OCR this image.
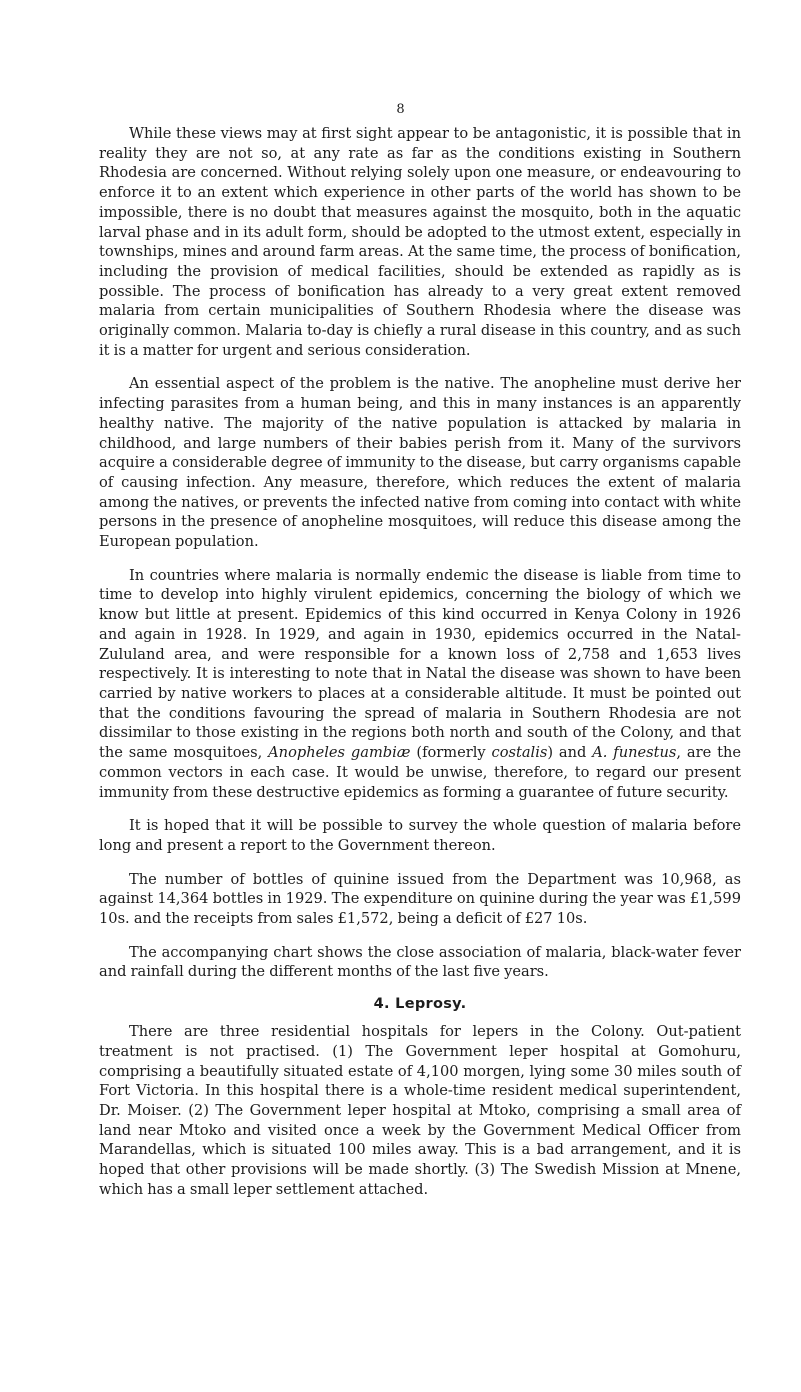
8

While these views may at first sight appear to be antagonistic, it is possible that in reality they are not so, at any rate as far as the conditions existing in Southern Rhodesia are concerned. Without relying solely upon one measure, or endeavouring to enforce it to an extent which experience in other parts of the world has shown to be impossible, there is no doubt that measures against the mosquito, both in the aquatic larval phase and in its adult form, should be adopted to the utmost extent, especially in townships, mines and around farm areas. At the same time, the process of bonification, including the provision of medical facilities, should be extended as rapidly as is possible. The process of bonification has already to a very great extent removed malaria from certain municipalities of Southern Rhodesia where the disease was originally common. Malaria to-day is chiefly a rural disease in this country, and as such it is a matter for urgent and serious consideration.

An essential aspect of the problem is the native. The anopheline must derive her infecting parasites from a human being, and this in many instances is an apparently healthy native. The majority of the native population is attacked by malaria in childhood, and large numbers of their babies perish from it. Many of the survivors acquire a considerable degree of immunity to the disease, but carry organisms capable of causing infection. Any measure, therefore, which reduces the extent of malaria among the natives, or prevents the infected native from coming into contact with white persons in the presence of anopheline mosquitoes, will reduce this disease among the European population.

In countries where malaria is normally endemic the disease is liable from time to time to develop into highly virulent epidemics, concerning the biology of which we know but little at present. Epidemics of this kind occurred in Kenya Colony in 1926 and again in 1928. In 1929, and again in 1930, epidemics occurred in the Natal-Zululand area, and were responsible for a known loss of 2,758 and 1,653 lives respectively. It is interesting to note that in Natal the disease was shown to have been carried by native workers to places at a considerable altitude. It must be pointed out that the conditions favouring the spread of malaria in Southern Rhodesia are not dissimilar to those existing in the regions both north and south of the Colony, and that the same mosquitoes, Anopheles gambiæ (formerly costalis) and A. funestus, are the common vectors in each case. It would be unwise, therefore, to regard our present immunity from these destructive epidemics as forming a guarantee of future security.

It is hoped that it will be possible to survey the whole question of malaria before long and present a report to the Government thereon.

The number of bottles of quinine issued from the Department was 10,968, as against 14,364 bottles in 1929. The expenditure on quinine during the year was £1,599 10s. and the receipts from sales £1,572, being a deficit of £27 10s.

The accompanying chart shows the close association of malaria, black-water fever and rainfall during the different months of the last five years.

4. Leprosy.

There are three residential hospitals for lepers in the Colony. Out-patient treatment is not practised. (1) The Government leper hospital at Gomohuru, comprising a beautifully situated estate of 4,100 morgen, lying some 30 miles south of Fort Victoria. In this hospital there is a whole-time resident medical superintendent, Dr. Moiser. (2) The Government leper hospital at Mtoko, comprising a small area of land near Mtoko and visited once a week by the Government Medical Officer from Marandellas, which is situated 100 miles away. This is a bad arrangement, and it is hoped that other provisions will be made shortly. (3) The Swedish Mission at Mnene, which has a small leper settlement attached.
